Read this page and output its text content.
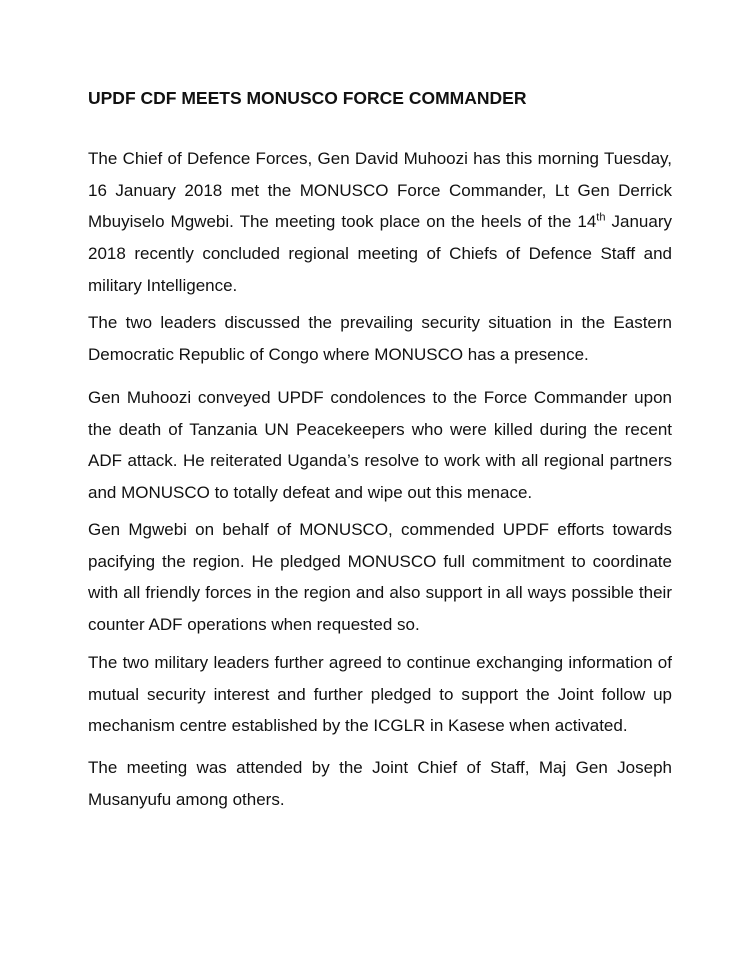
UPDF CDF MEETS MONUSCO FORCE COMMANDER

The Chief of Defence Forces, Gen David Muhoozi has this morning Tuesday, 16 January 2018 met the MONUSCO Force Commander, Lt Gen Derrick Mbuyiselo Mgwebi. The meeting took place on the heels of the 14th January 2018 recently concluded regional meeting of Chiefs of Defence Staff and military Intelligence.

The two leaders discussed the prevailing security situation in the Eastern Democratic Republic of Congo where MONUSCO has a presence.

Gen Muhoozi conveyed UPDF condolences to the Force Commander upon the death of Tanzania UN Peacekeepers who were killed during the recent ADF attack. He reiterated Uganda’s resolve to work with all regional partners and MONUSCO to totally defeat and wipe out this menace.

Gen Mgwebi on behalf of MONUSCO, commended UPDF efforts towards pacifying the region. He pledged MONUSCO full commitment to coordinate with all friendly forces in the region and also support in all ways possible their counter ADF operations when requested so.

The two military leaders further agreed to continue exchanging information of mutual security interest and further pledged to support the Joint follow up mechanism centre established by the ICGLR in Kasese when activated.

The meeting was attended by the Joint Chief of Staff, Maj Gen Joseph Musanyufu among others.
